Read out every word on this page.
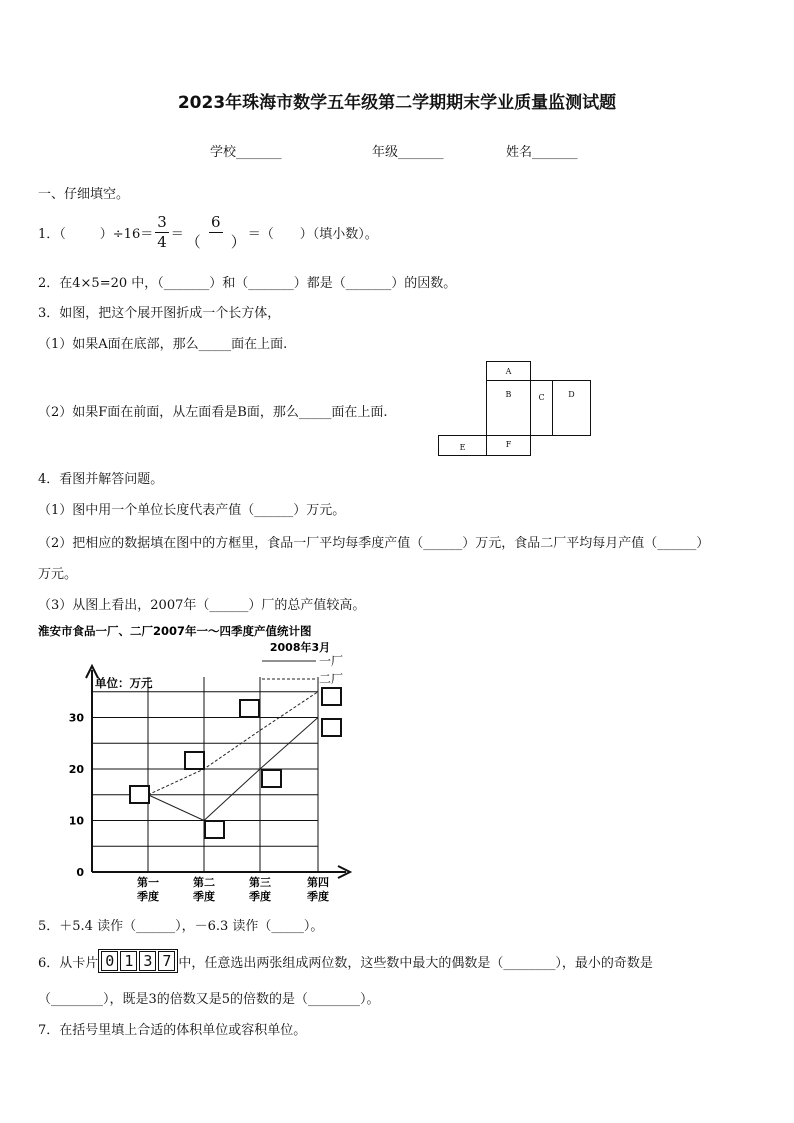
2023年珠海市数学五年级第二学期期末学业质量监测试题
学校_______	年级_______	姓名_______
一、仔细填空。
1．（	）$\div 16= \frac{3}{4} = \frac{6}{( )}$ ＝（　　）（填小数）。
2．在4×5=20 中，（_______）和（_______）都是（_______）的因数。
3．如图，把这个展开图折成一个长方体，
（1）如果A面在底部，那么_____面在上面.
（2）如果F面在前面，从左面看是B面，那么_____面在上面.
A
B	C	D
E	F
4．看图并解答问题。
（1）图中用一个单位长度代表产值（______）万元。
（2）把相应的数据填在图中的方框里，食品一厂平均每季度产值（______）万元，食品二厂平均每月产值（______）
万元。
（3）从图上看出，2007年（______）厂的总产值较高。
淮安市食品一厂、二厂2007年一～四季度产值统计图
2008年3月
一厂
二厂
单位：万元
0
10
20
30
第一
季度
第二
季度
第三
季度
第四
季度
5．＋5.4 读作（______），－6.3 读作（_____）。
6．从卡片 0 1 3 7 中，任意选出两张组成两位数，这些数中最大的偶数是（________），最小的奇数是
（________），既是3的倍数又是5的倍数的是（________）。
7．在括号里填上合适的体积单位或容积单位。
